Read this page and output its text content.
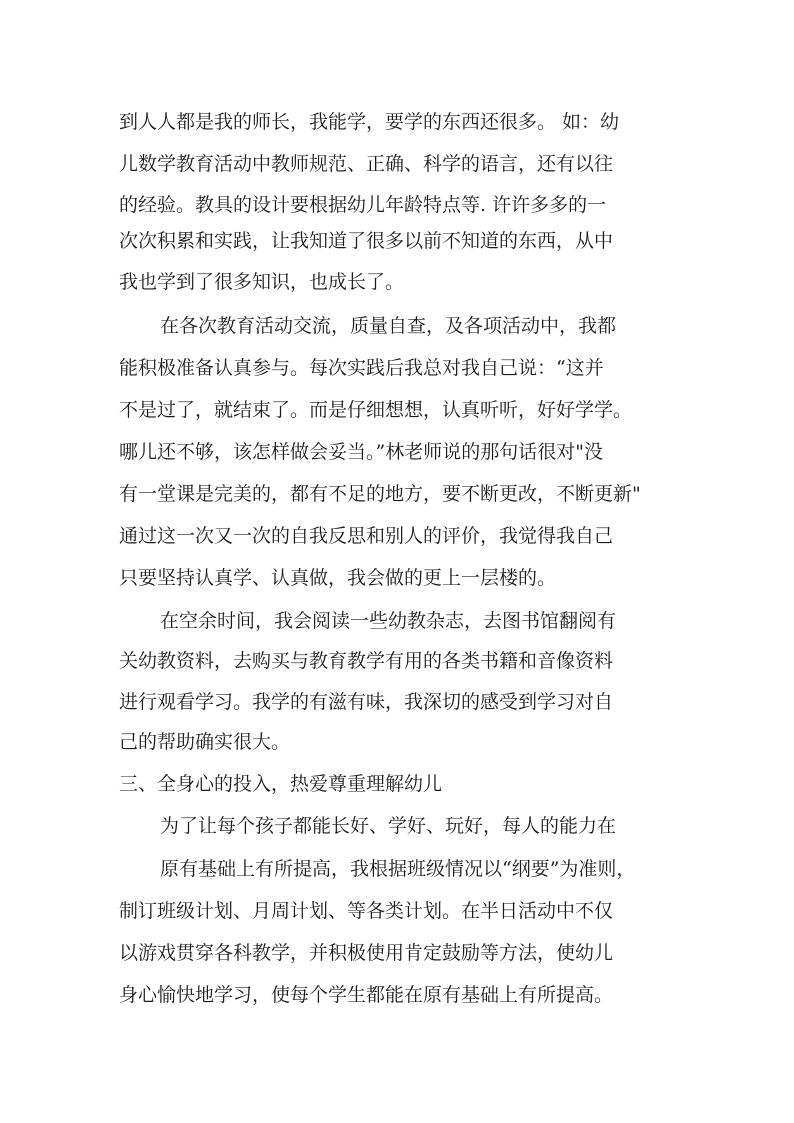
到人人都是我的师长，我能学，要学的东西还很多。 如：幼
儿数学教育活动中教师规范、正确、科学的语言，还有以往
的经验。教具的设计要根据幼儿年龄特点等. 许许多多的一
次次积累和实践，让我知道了很多以前不知道的东西，从中
我也学到了很多知识，也成长了。
在各次教育活动交流，质量自查，及各项活动中，我都
能积极准备认真参与。每次实践后我总对我自己说：“这并
不是过了，就结束了。而是仔细想想，认真听听，好好学学。
哪儿还不够，该怎样做会妥当。”林老师说的那句话很对"没
有一堂课是完美的，都有不足的地方，要不断更改，不断更新"
通过这一次又一次的自我反思和别人的评价，我觉得我自己
只要坚持认真学、认真做，我会做的更上一层楼的。
在空余时间，我会阅读一些幼教杂志，去图书馆翻阅有
关幼教资料，去购买与教育教学有用的各类书籍和音像资料
进行观看学习。我学的有滋有味，我深切的感受到学习对自
己的帮助确实很大。
三、全身心的投入，热爱尊重理解幼儿
为了让每个孩子都能长好、学好、玩好，每人的能力在
原有基础上有所提高，我根据班级情况以“纲要”为准则，
制订班级计划、月周计划、等各类计划。在半日活动中不仅
以游戏贯穿各科教学，并积极使用肯定鼓励等方法，使幼儿
身心愉快地学习，使每个学生都能在原有基础上有所提高。
